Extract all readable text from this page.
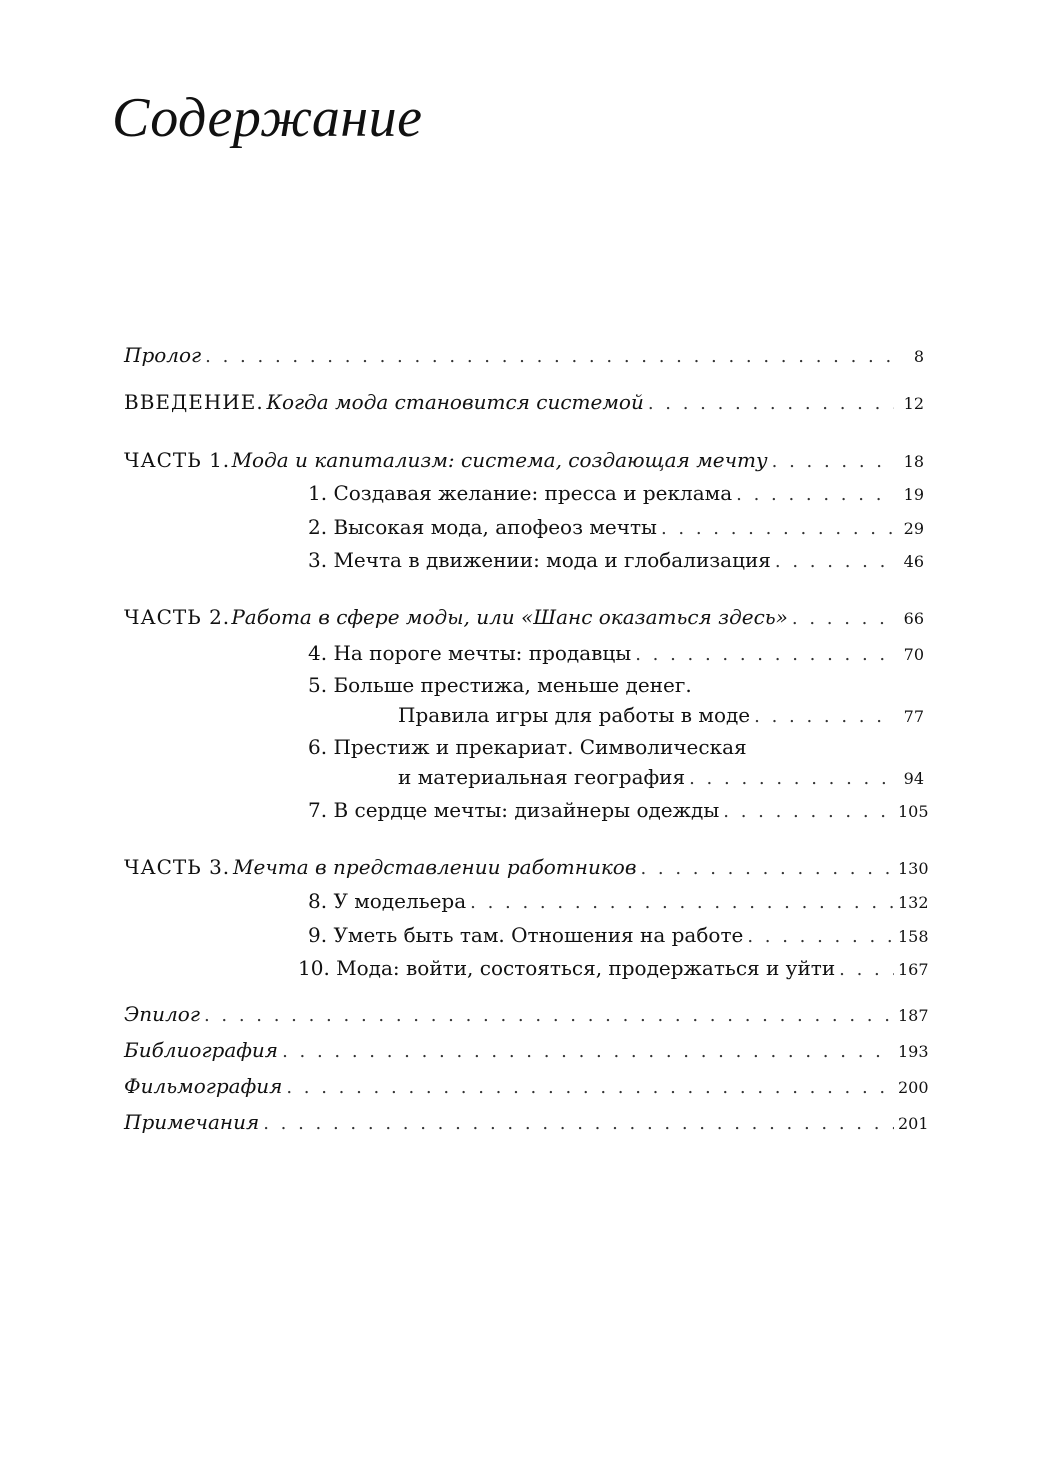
Содержание
Пролог . . .	8
ВВЕДЕНИЕ. Когда мода становится системой . . .	12
ЧАСТЬ 1. Мода и капитализм: система, создающая мечту . . .	18
1. Создавая желание: пресса и реклама . . .	19
2. Высокая мода, апофеоз мечты . . .	29
3. Мечта в движении: мода и глобализация . . .	46
ЧАСТЬ 2. Работа в сфере моды, или «Шанс оказаться здесь» . . .	66
4. На пороге мечты: продавцы . . .	70
5. Больше престижа, меньше денег.
Правила игры для работы в моде . . .	77
6. Престиж и прекариат. Символическая
и материальная география . . .	94
7. В сердце мечты: дизайнеры одежды . . .	105
ЧАСТЬ 3. Мечта в представлении работников . . .	130
8. У модельера . . .	132
9. Уметь быть там. Отношения на работе . . .	158
10. Мода: войти, состояться, продержаться и уйти . . .	167
Эпилог . . .	187
Библиография . . .	193
Фильмография . . .	200
Примечания . . .	201
